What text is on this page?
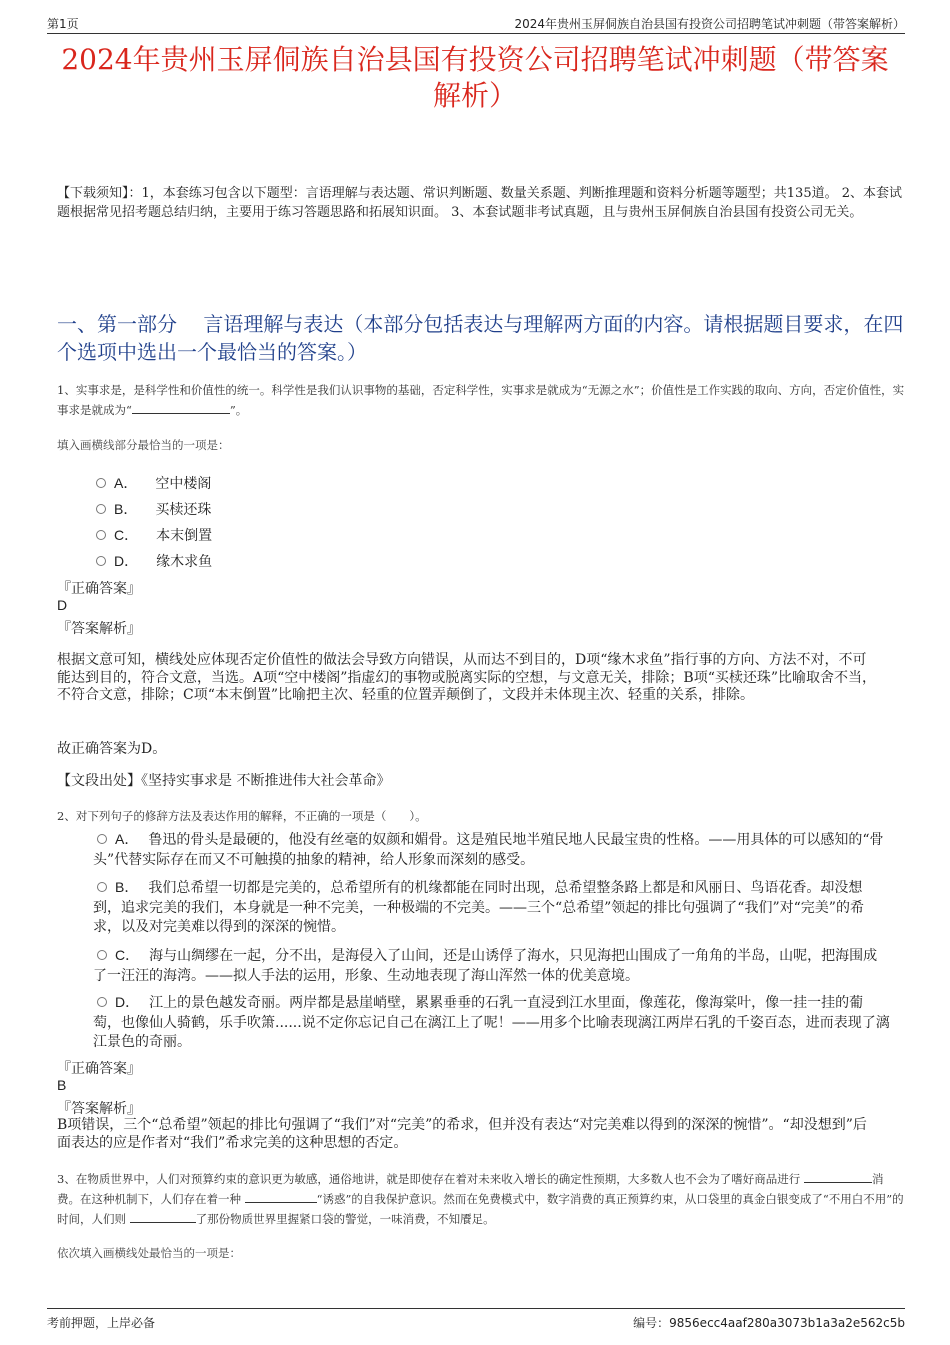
第1页	2024年贵州玉屏侗族自治县国有投资公司招聘笔试冲刺题（带答案解析）
2024年贵州玉屏侗族自治县国有投资公司招聘笔试冲刺题（带答案解析）
【下载须知】：1，本套练习包含以下题型：言语理解与表达题、常识判断题、数量关系题、判断推理题和资料分析题等题型；共135道。 2、本套试题根据常见招考题总结归纳，主要用于练习答题思路和拓展知识面。 3、本套试题非考试真题，且与贵州玉屏侗族自治县国有投资公司无关。
一、第一部分　 言语理解与表达（本部分包括表达与理解两方面的内容。请根据题目要求，在四个选项中选出一个最恰当的答案。）
1、实事求是，是科学性和价值性的统一。科学性是我们认识事物的基础，否定科学性，实事求是就成为“无源之水”；价值性是工作实践的取向、方向，否定价值性，实事求是就成为“	”。
填入画横线部分最恰当的一项是：
A． 空中楼阁
B． 买椟还珠
C． 本末倒置
D． 缘木求鱼
『正确答案』
D
『答案解析』
根据文意可知，横线处应体现否定价值性的做法会导致方向错误，从而达不到目的，D项“缘木求鱼”指行事的方向、方法不对，不可能达到目的，符合文意，当选。A项“空中楼阁”指虚幻的事物或脱离实际的空想，与文意无关，排除；B项“买椟还珠”比喻取舍不当，不符合文意，排除；C项“本末倒置”比喻把主次、轻重的位置弄颠倒了，文段并未体现主次、轻重的关系，排除。
故正确答案为D。
【文段出处】《坚持实事求是 不断推进伟大社会革命》
2、对下列句子的修辞方法及表达作用的解释，不正确的一项是（　　）。
A． 鲁迅的骨头是最硬的，他没有丝毫的奴颜和媚骨。这是殖民地半殖民地人民最宝贵的性格。——用具体的可以感知的“骨头”代替实际存在而又不可触摸的抽象的精神，给人形象而深刻的感受。
B． 我们总希望一切都是完美的，总希望所有的机缘都能在同时出现，总希望整条路上都是和风丽日、鸟语花香。却没想到，追求完美的我们，本身就是一种不完美，一种极端的不完美。——三个“总希望”领起的排比句强调了“我们”对“完美”的希求，以及对完美难以得到的深深的惋惜。
C． 海与山绸缪在一起，分不出，是海侵入了山间，还是山诱俘了海水，只见海把山围成了一角角的半岛，山呢，把海围成了一汪汪的海湾。——拟人手法的运用，形象、生动地表现了海山浑然一体的优美意境。
D． 江上的景色越发奇丽。两岸都是悬崖峭壁，累累垂垂的石乳一直浸到江水里面，像莲花，像海棠叶，像一挂一挂的葡萄，也像仙人骑鹤，乐手吹箫......说不定你忘记自己在漓江上了呢！——用多个比喻表现漓江两岸石乳的千姿百态，进而表现了漓江景色的奇丽。
『正确答案』
B
『答案解析』
B项错误，三个“总希望”领起的排比句强调了“我们”对“完美”的希求，但并没有表达“对完美难以得到的深深的惋惜”。“却没想到”后面表达的应是作者对“我们”希求完美的这种思想的否定。
3、在物质世界中，人们对预算约束的意识更为敏感，通俗地讲，就是即使存在着对未来收入增长的确定性预期，大多数人也不会为了嗜好商品进行	消费。在这种机制下，人们存在着一种	“诱惑”的自我保护意识。然而在免费模式中，数字消费的真正预算约束，从口袋里的真金白银变成了“不用白不用”的时间，人们则	了那份物质世界里握紧口袋的警觉，一味消费，不知餍足。
依次填入画横线处最恰当的一项是：
考前押题，上岸必备	编号：9856ecc4aaf280a3073b1a3a2e562c5b
